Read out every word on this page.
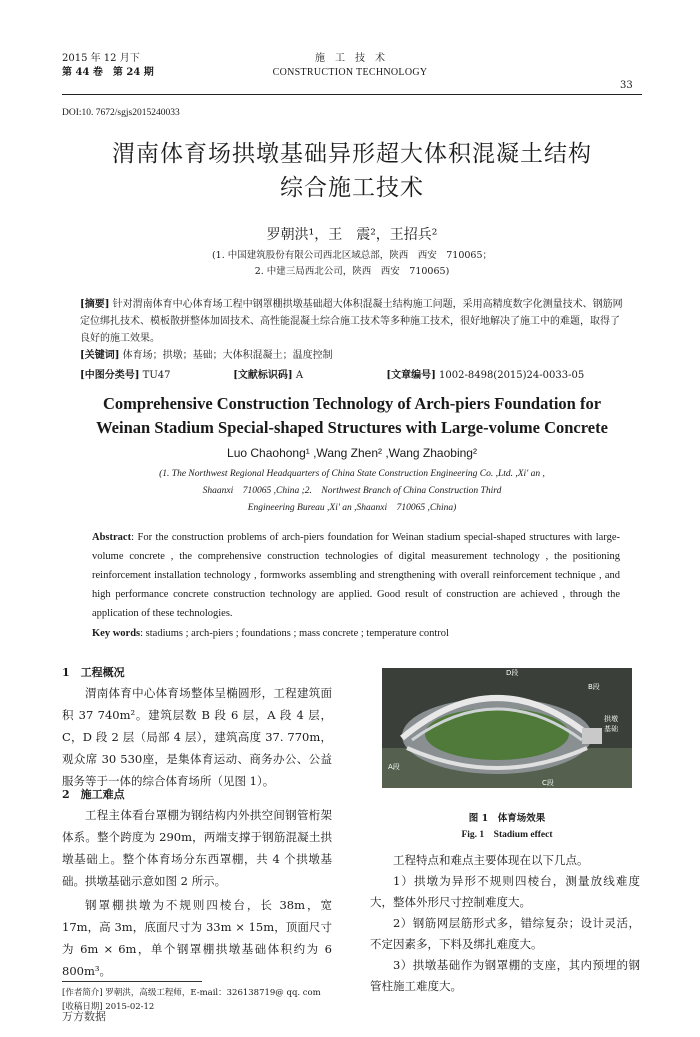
2015 年 12 月下
第 44 卷　第 24 期
施　工　技　术
CONSTRUCTION TECHNOLOGY
33
DOI:10. 7672/sgjs2015240033
渭南体育场拱墩基础异形超大体积混凝土结构
综合施工技术
罗朝洪¹，王　震²，王招兵²
(1. 中国建筑股份有限公司西北区域总部，陕西　西安　710065；
2. 中建三局西北公司，陕西　西安　710065)
[摘要] 针对渭南体育中心体育场工程中钢罩棚拱墩基础超大体积混凝土结构施工问题，采用高精度数字化测量技术、钢筋网定位绑扎技术、模板散拼整体加固技术、高性能混凝土综合施工技术等多种施工技术，很好地解决了施工中的难题，取得了良好的施工效果。
[关键词] 体育场；拱墩；基础；大体积混凝土；温度控制
[中图分类号] TU47	[文献标识码] A	[文章编号] 1002-8498(2015)24-0033-05
Comprehensive Construction Technology of Arch-piers Foundation for
Weinan Stadium Special-shaped Structures with Large-volume Concrete
Luo Chaohong¹ ,Wang Zhen² ,Wang Zhaobing²
(1. The Northwest Regional Headquarters of China State Construction Engineering Co. ,Ltd. ,Xi' an ,
Shaanxi　710065 ,China ;2.　Northwest Branch of China Construction Third
Engineering Bureau ,Xi' an ,Shaanxi　710065 ,China)
Abstract: For the construction problems of arch-piers foundation for Weinan stadium special-shaped structures with large-volume concrete , the comprehensive construction technologies of digital measurement technology , the positioning reinforcement installation technology , formworks assembling and strengthening with overall reinforcement technique , and high performance concrete construction technology are applied. Good result of construction are achieved , through the application of these technologies.
Key words: stadiums ; arch-piers ; foundations ; mass concrete ; temperature control
1　工程概况
渭南体育中心体育场整体呈椭圆形，工程建筑面积 37 740m²。建筑层数 B 段 6 层，A 段 4 层，C，D 段 2 层（局部 4 层），建筑高度 37. 770m，观众席 30 530座，是集体育运动、商务办公、公益服务等于一体的综合体育场所（见图 1）。
2　施工难点
工程主体看台罩棚为钢结构内外拱空间钢管桁架体系。整个跨度为 290m，两端支撑于钢筋混凝土拱墩基础上。整个体育场分东西罩棚，共 4 个拱墩基础。拱墩基础示意如图 2 所示。
钢罩棚拱墩为不规则四棱台，长 38m，宽 17m，高 3m，底面尺寸为 33m × 15m，顶面尺寸为 6m × 6m，单个钢罩棚拱墩基础体积约为 6 800m³。
D段
B段
拱墩
基础
A段
C段
图 1　体育场效果
Fig. 1　Stadium effect

工程特点和难点主要体现在以下几点。

1）拱墩为异形不规则四棱台，测量放线难度大，整体外形尺寸控制难度大。

2）钢筋网层筋形式多，错综复杂；设计灵活，不定因素多，下料及绑扎难度大。

3）拱墩基础作为钢罩棚的支座，其内预埋的钢管柱施工难度大。

[作者简介] 罗朝洪，高级工程师，E-mail：326138719@ qq. com
[收稿日期] 2015-02-12
万方数据
